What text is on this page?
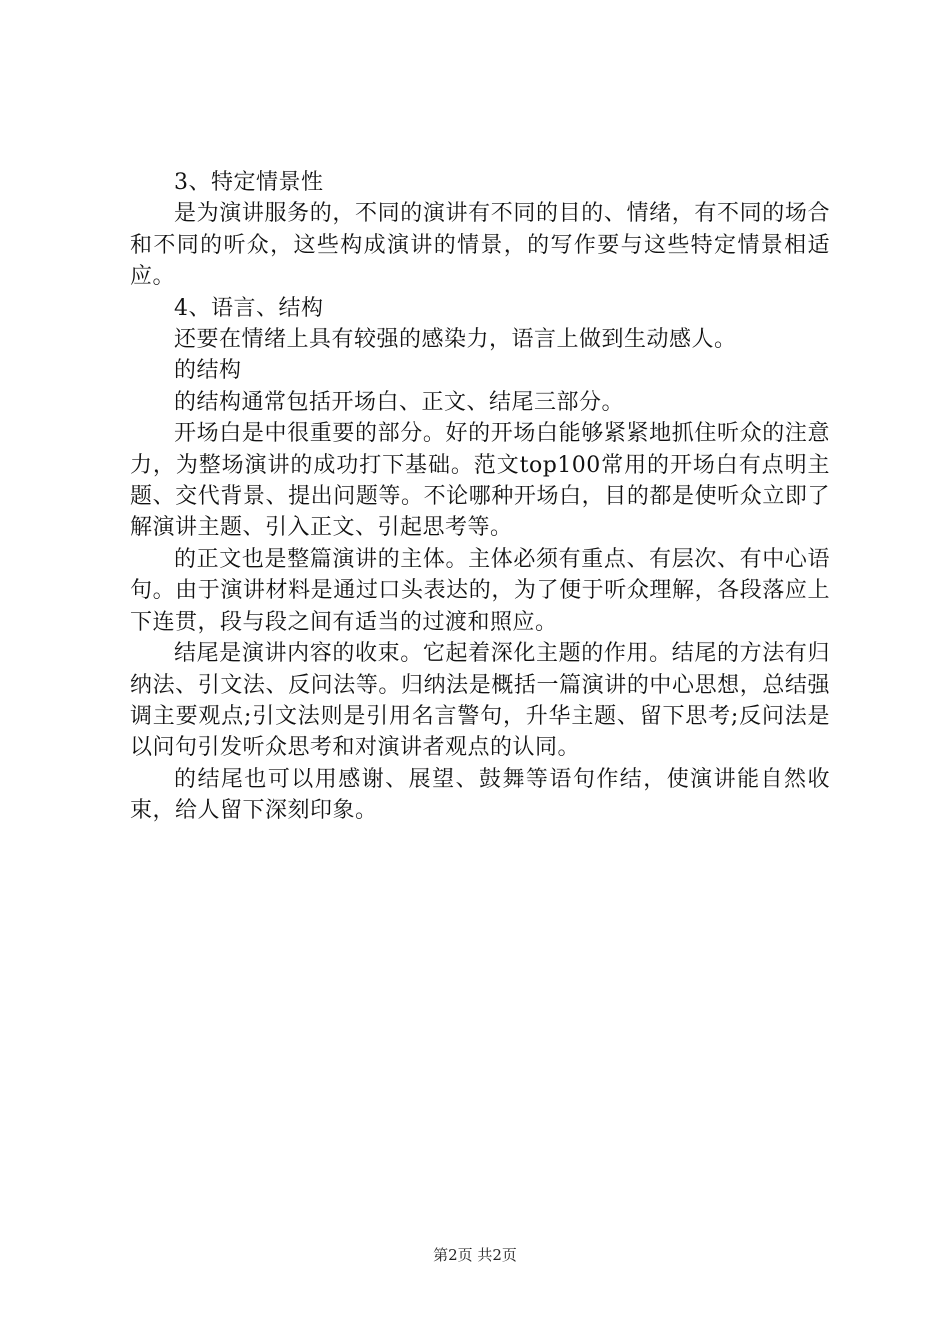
3、特定情景性

是为演讲服务的，不同的演讲有不同的目的、情绪，有不同的场合和不同的听众，这些构成演讲的情景，的写作要与这些特定情景相适应。

4、语言、结构

还要在情绪上具有较强的感染力，语言上做到生动感人。

的结构

的结构通常包括开场白、正文、结尾三部分。

开场白是中很重要的部分。好的开场白能够紧紧地抓住听众的注意力，为整场演讲的成功打下基础。范文top100常用的开场白有点明主题、交代背景、提出问题等。不论哪种开场白，目的都是使听众立即了解演讲主题、引入正文、引起思考等。

的正文也是整篇演讲的主体。主体必须有重点、有层次、有中心语句。由于演讲材料是通过口头表达的，为了便于听众理解，各段落应上下连贯，段与段之间有适当的过渡和照应。

结尾是演讲内容的收束。它起着深化主题的作用。结尾的方法有归纳法、引文法、反问法等。归纳法是概括一篇演讲的中心思想，总结强调主要观点;引文法则是引用名言警句，升华主题、留下思考;反问法是以问句引发听众思考和对演讲者观点的认同。

的结尾也可以用感谢、展望、鼓舞等语句作结，使演讲能自然收束，给人留下深刻印象。

第2页 共2页
